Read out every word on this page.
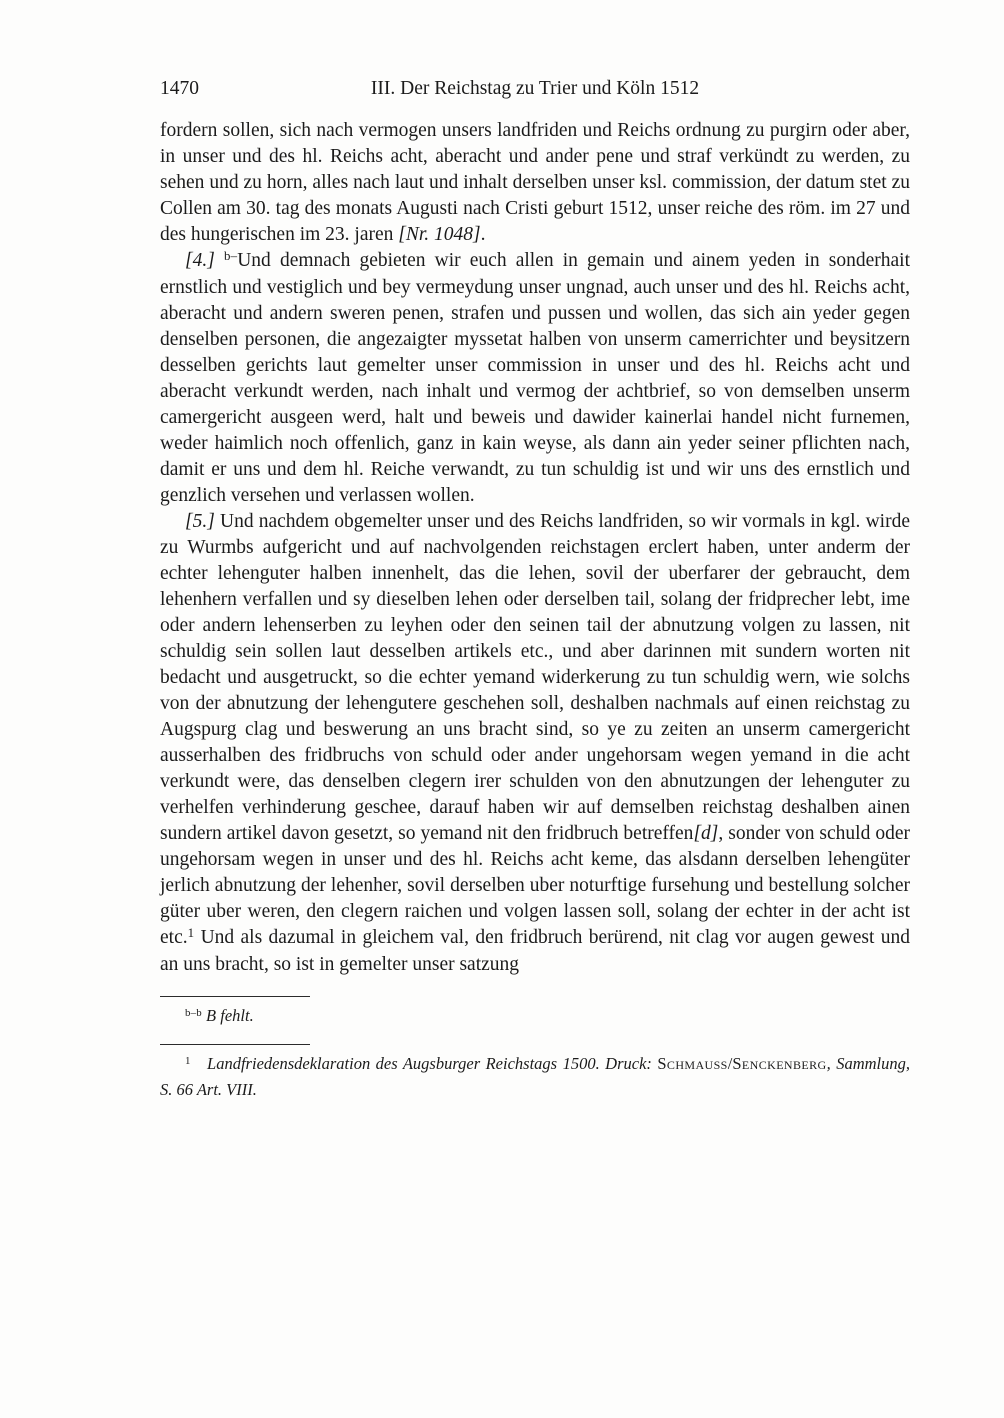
1470	III. Der Reichstag zu Trier und Köln 1512

fordern sollen, sich nach vermogen unsers landfriden und Reichs ordnung zu purgirn oder aber, in unser und des hl. Reichs acht, aberacht und ander pene und straf verkündt zu werden, zu sehen und zu horn, alles nach laut und inhalt derselben unser ksl. commission, der datum stet zu Collen am 30. tag des monats Augusti nach Cristi geburt 1512, unser reiche des röm. im 27 und des hungerischen im 23. jaren [Nr. 1048].

[4.] $^{b-}$Und demnach gebieten wir euch allen in gemain und ainem yeden in sonderhait ernstlich und vestiglich und bey vermeydung unser ungnad, auch unser und des hl. Reichs acht, aberacht und andern sweren penen, strafen und pussen und wollen, das sich ain yeder gegen denselben personen, die angezaigter myssetat halben von unserm camerrichter und beysitzern desselben gerichts laut gemelter unser commission in unser und des hl. Reichs acht und aberacht verkundt werden, nach inhalt und vermog der achtbrief, so von demselben unserm camergericht ausgeen werd, halt und beweis und dawider kainerlai handel nicht furnemen, weder haimlich noch offenlich, ganz in kain weyse, als dann ain yeder seiner pflichten nach, damit er uns und dem hl. Reiche verwandt, zu tun schuldig ist und wir uns des ernstlich und genzlich versehen und verlassen wollen.

[5.] Und nachdem obgemelter unser und des Reichs landfriden, so wir vormals in kgl. wirde zu Wurmbs aufgericht und auf nachvolgenden reichstagen erclert haben, unter anderm der echter lehenguter halben innenhelt, das die lehen, sovil der uberfarer der gebraucht, dem lehenhern verfallen und sy dieselben lehen oder derselben tail, solang der fridprecher lebt, ime oder andern lehenserben zu leyhen oder den seinen tail der abnutzung volgen zu lassen, nit schuldig sein sollen laut desselben artikels etc., und aber darinnen mit sundern worten nit bedacht und ausgetruckt, so die echter yemand widerkerung zu tun schuldig wern, wie solchs von der abnutzung der lehengutere geschehen soll, deshalben nachmals auf einen reichstag zu Augspurg clag und beswerung an uns bracht sind, so ye zu zeiten an unserm camergericht ausserhalben des fridbruchs von schuld oder ander ungehorsam wegen yemand in die acht verkundt were, das denselben clegern irer schulden von den abnutzungen der lehenguter zu verhelfen verhinderung geschee, darauf haben wir auf demselben reichstag deshalben ainen sundern artikel davon gesetzt, so yemand nit den fridbruch betreffen[d], sonder von schuld oder ungehorsam wegen in unser und des hl. Reichs acht keme, das alsdann derselben lehengüter jerlich abnutzung der lehenher, sovil derselben uber noturftige fursehung und bestellung solcher güter uber weren, den clegern raichen und volgen lassen soll, solang der echter in der acht ist etc.$^1$ Und als dazumal in gleichem val, den fridbruch berürend, nit clag vor augen gewest und an uns bracht, so ist in gemelter unser satzung

$^{b-b}$ B fehlt.

$^1$ Landfriedensdeklaration des Augsburger Reichstags 1500. Druck: Schmauss/Senckenberg, Sammlung, S. 66 Art. VIII.
